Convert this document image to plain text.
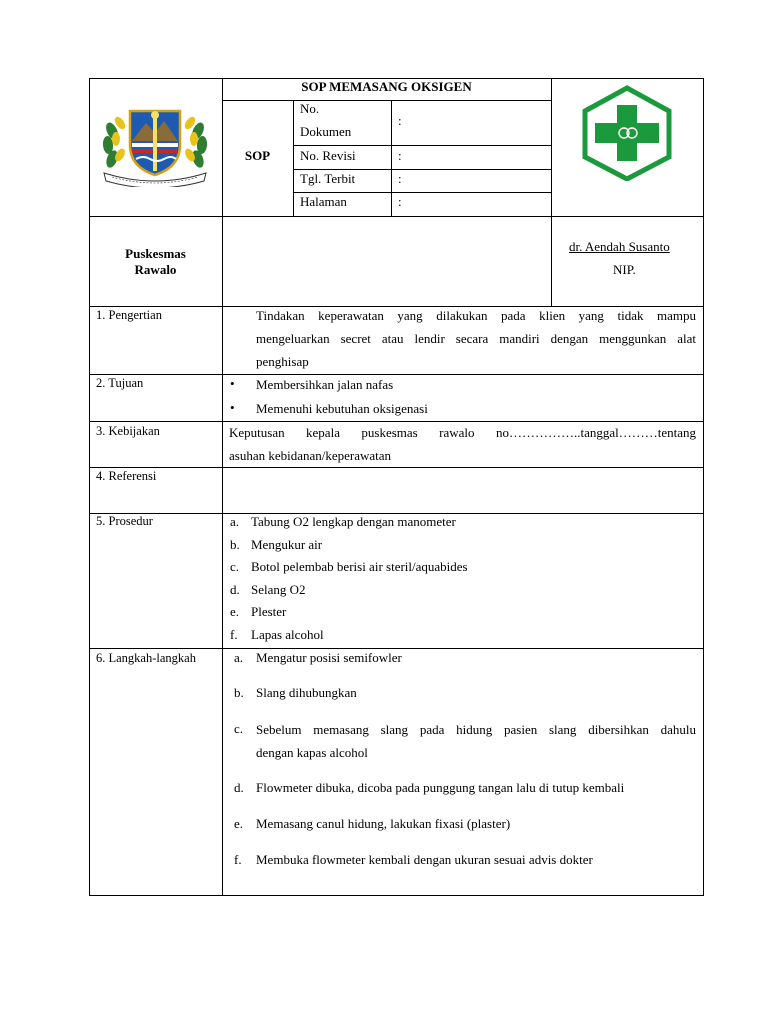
SOP MEMASANG OKSIGEN
SOP
No.
Dokumen
:
No. Revisi	:
Tgl. Terbit	:
Halaman	:
Puskesmas
Rawalo
dr. Aendah Susanto
NIP.
1. Pengertian	Tindakan keperawatan yang dilakukan pada klien yang tidak mampu
mengeluarkan secret atau lendir secara mandiri dengan menggunkan alat
penghisap
2. Tujuan	• Membersihkan jalan nafas
• Memenuhi kebutuhan oksigenasi
3. Kebijakan	Keputusan kepala puskesmas rawalo no……………..tanggal………tentang
asuhan kebidanan/keperawatan
4. Referensi
5. Prosedur	a. Tabung O2 lengkap dengan manometer
b. Mengukur air
c. Botol pelembab berisi air steril/aquabides
d. Selang O2
e. Plester
f. Lapas alcohol
6. Langkah-langkah	a. Mengatur posisi semifowler
b. Slang dihubungkan
c. Sebelum memasang slang pada hidung pasien slang dibersihkan dahulu
dengan kapas alcohol
d. Flowmeter dibuka, dicoba pada punggung tangan lalu di tutup kembali
e. Memasang canul hidung, lakukan fixasi (plaster)
f. Membuka flowmeter kembali dengan ukuran sesuai advis dokter
